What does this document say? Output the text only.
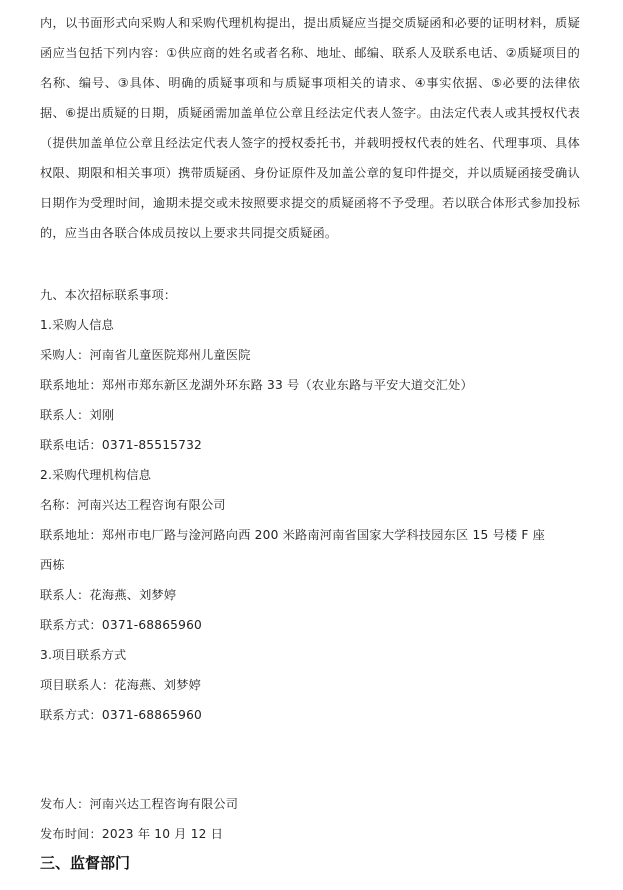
内，以书面形式向采购人和采购代理机构提出，提出质疑应当提交质疑函和必要的证明材料，质疑函应当包括下列内容：①供应商的姓名或者名称、地址、邮编、联系人及联系电话、②质疑项目的名称、编号、③具体、明确的质疑事项和与质疑事项相关的请求、④事实依据、⑤必要的法律依据、⑥提出质疑的日期，质疑函需加盖单位公章且经法定代表人签字。由法定代表人或其授权代表（提供加盖单位公章且经法定代表人签字的授权委托书，并载明授权代表的姓名、代理事项、具体权限、期限和相关事项）携带质疑函、身份证原件及加盖公章的复印件提交，并以质疑函接受确认日期作为受理时间，逾期未提交或未按照要求提交的质疑函将不予受理。若以联合体形式参加投标的，应当由各联合体成员按以上要求共同提交质疑函。

九、本次招标联系事项：

1.采购人信息

采购人：河南省儿童医院郑州儿童医院

联系地址：郑州市郑东新区龙湖外环东路 33 号（农业东路与平安大道交汇处）

联系人：刘刚

联系电话：0371-85515732

2.采购代理机构信息

名称：河南兴达工程咨询有限公司

联系地址：郑州市电厂路与淦河路向西 200 米路南河南省国家大学科技园东区 15 号楼 F 座

西栋

联系人：花海燕、刘梦婷

联系方式：0371-68865960

3.项目联系方式

项目联系人：花海燕、刘梦婷

联系方式：0371-68865960

发布人：河南兴达工程咨询有限公司

发布时间：2023 年 10 月 12 日

三、监督部门
